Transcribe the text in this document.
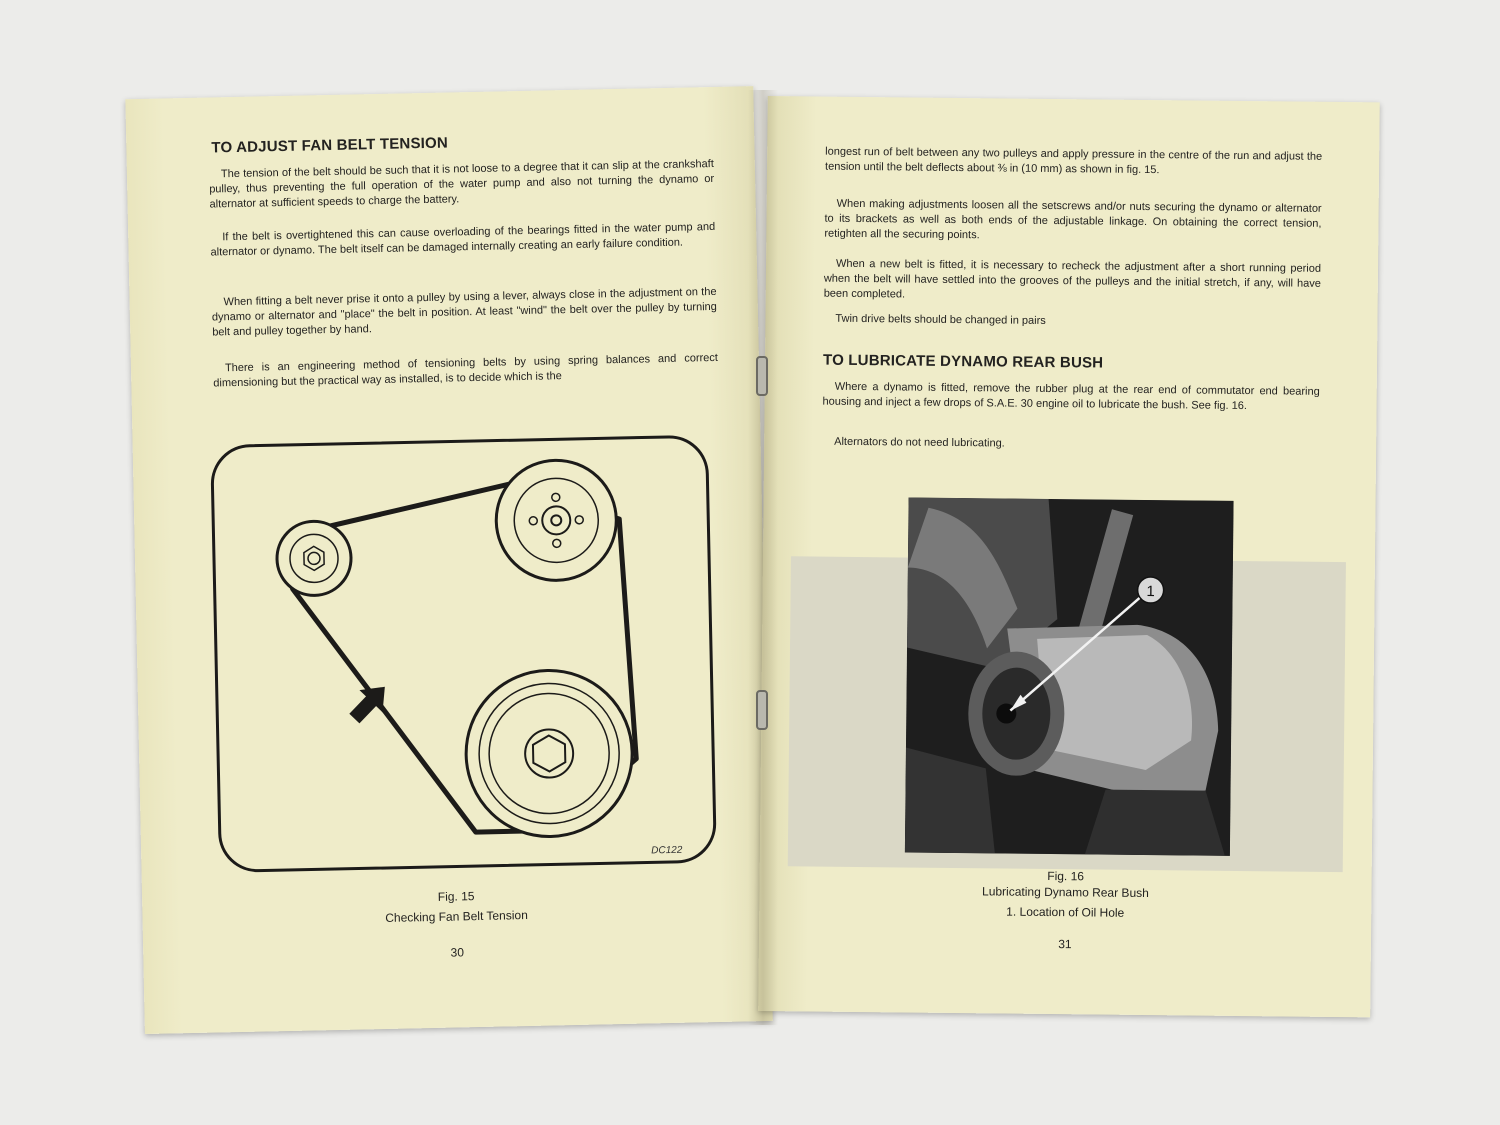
TO ADJUST FAN BELT TENSION

The tension of the belt should be such that it is not loose to a degree that it can slip at the crankshaft pulley, thus preventing the full operation of the water pump and also not turning the dynamo or alternator at sufficient speeds to charge the battery.

If the belt is overtightened this can cause overloading of the bearings fitted in the water pump and alternator or dynamo. The belt itself can be damaged internally creating an early failure condition.

When fitting a belt never prise it onto a pulley by using a lever, always close in the adjustment on the dynamo or alternator and "place" the belt in position. At least "wind" the belt over the pulley by turning belt and pulley together by hand.

There is an engineering method of tensioning belts by using spring balances and correct dimensioning but the practical way as installed, is to decide which is the

DC122
Fig. 15
Checking Fan Belt Tension
30

longest run of belt between any two pulleys and apply pressure in the centre of the run and adjust the tension until the belt deflects about ⅜ in (10 mm) as shown in fig. 15.

When making adjustments loosen all the setscrews and/or nuts securing the dynamo or alternator to its brackets as well as both ends of the adjustable linkage. On obtaining the correct tension, retighten all the securing points.

When a new belt is fitted, it is necessary to recheck the adjustment after a short running period when the belt will have settled into the grooves of the pulleys and the initial stretch, if any, will have been completed.

Twin drive belts should be changed in pairs

TO LUBRICATE DYNAMO REAR BUSH

Where a dynamo is fitted, remove the rubber plug at the rear end of commutator end bearing housing and inject a few drops of S.A.E. 30 engine oil to lubricate the bush. See fig. 16.

Alternators do not need lubricating.

1
Fig. 16
Lubricating Dynamo Rear Bush
1. Location of Oil Hole
31
